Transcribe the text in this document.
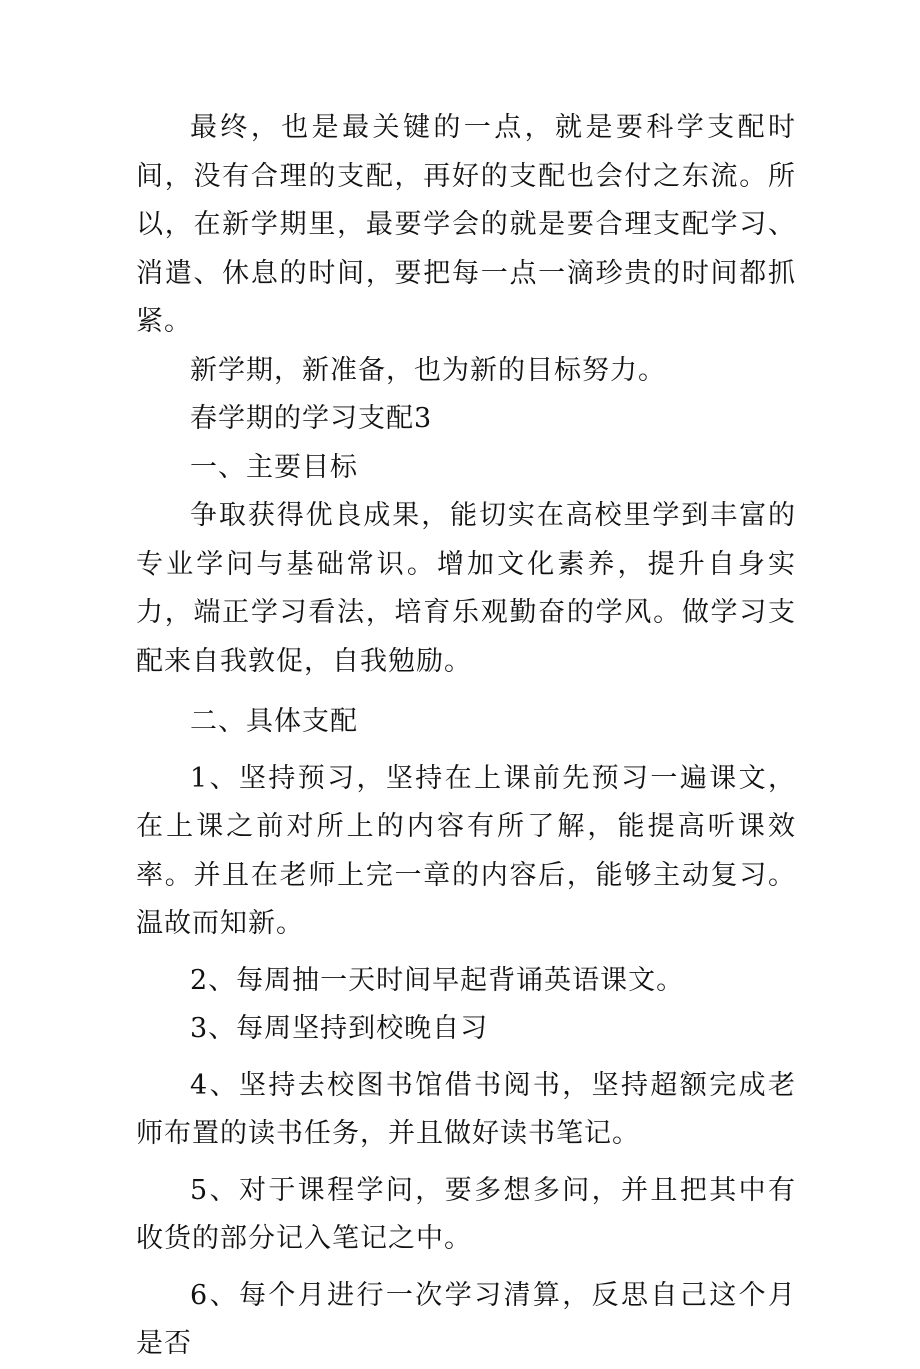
最终，也是最关键的一点，就是要科学支配时间，没有合理的支配，再好的支配也会付之东流。所以，在新学期里，最要学会的就是要合理支配学习、消遣、休息的时间，要把每一点一滴珍贵的时间都抓紧。

新学期，新准备，也为新的目标努力。

春学期的学习支配3

一、主要目标

争取获得优良成果，能切实在高校里学到丰富的专业学问与基础常识。增加文化素养，提升自身实力，端正学习看法，培育乐观勤奋的学风。做学习支配来自我敦促，自我勉励。

二、具体支配

1、坚持预习，坚持在上课前先预习一遍课文，在上课之前对所上的内容有所了解，能提高听课效率。并且在老师上完一章的内容后，能够主动复习。温故而知新。

2、每周抽一天时间早起背诵英语课文。

3、每周坚持到校晚自习

4、坚持去校图书馆借书阅书，坚持超额完成老师布置的读书任务，并且做好读书笔记。

5、对于课程学问，要多想多问，并且把其中有收货的部分记入笔记之中。

6、每个月进行一次学习清算，反思自己这个月是否
